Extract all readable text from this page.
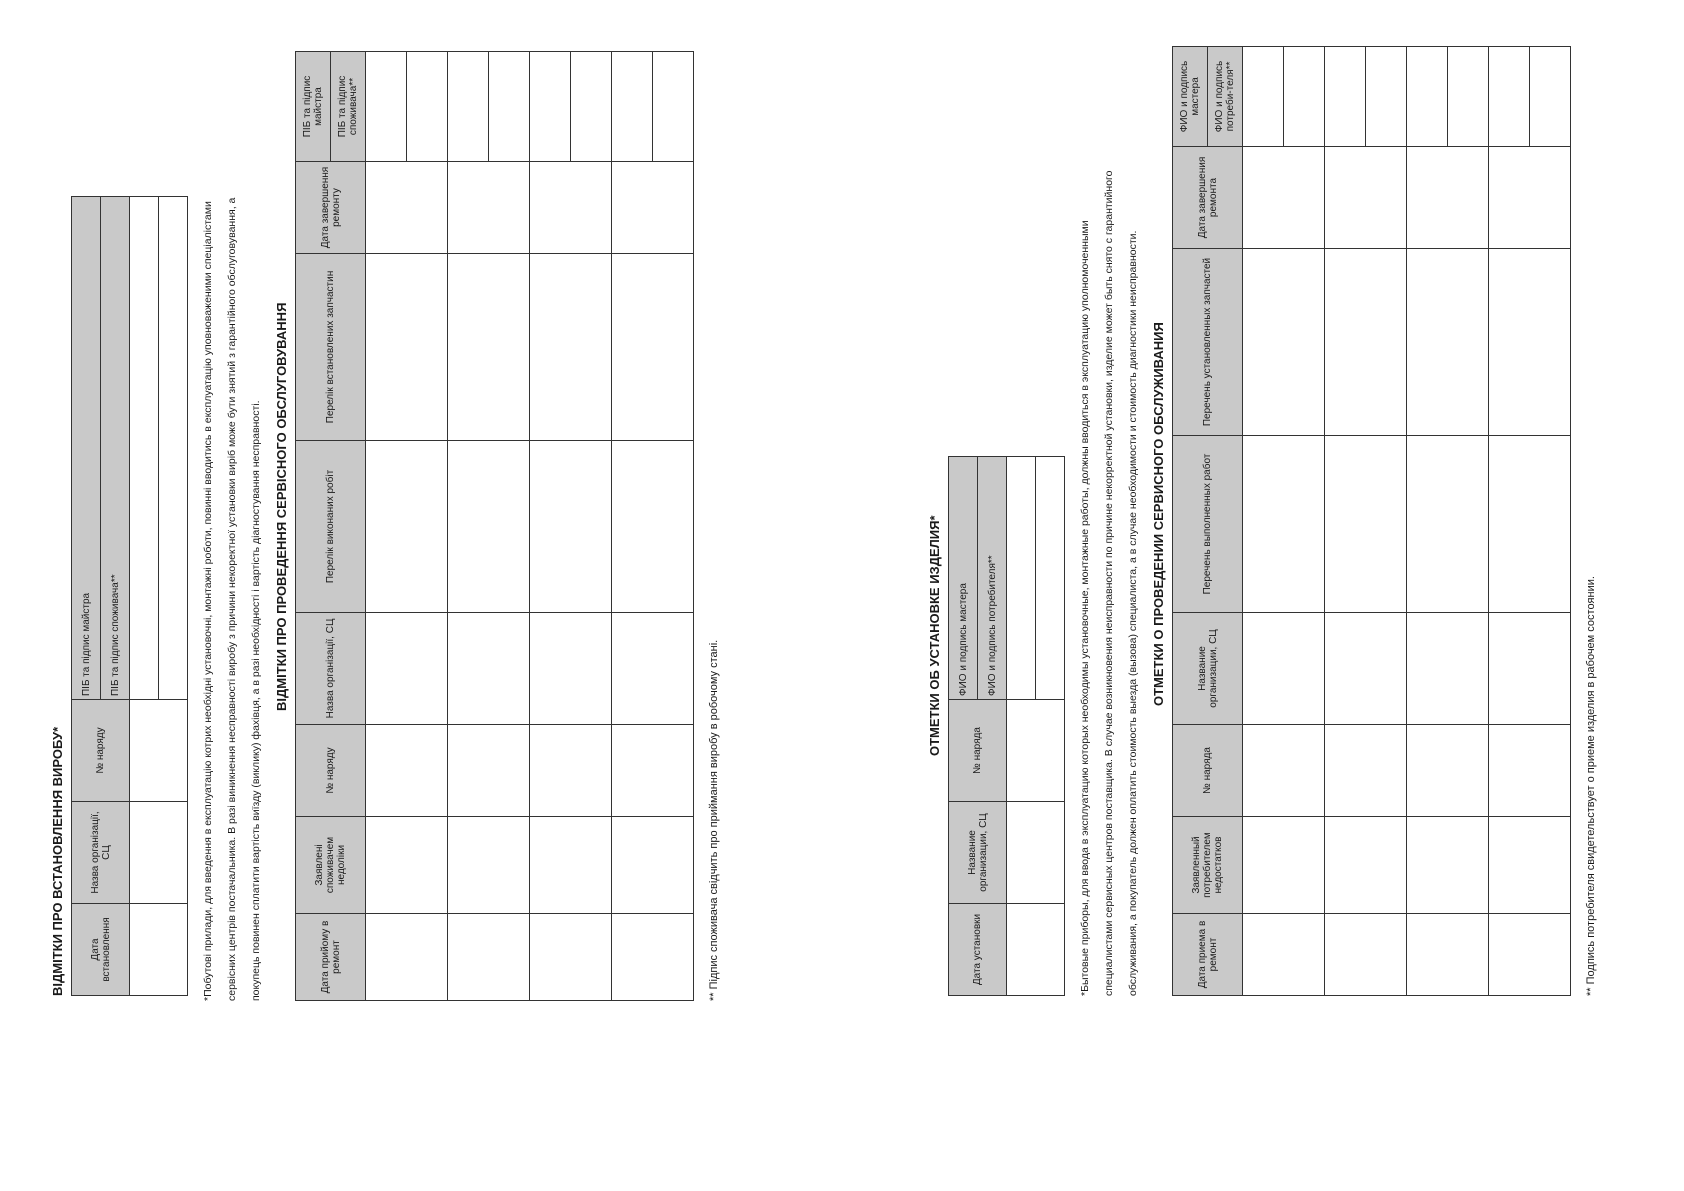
ВІДМІТКИ ПРО ВСТАНОВЛЕННЯ ВИРОБУ* Дата встановлення	Назва організації, СЦ	№ наряду	ПІБ та підпис майстра
			ПІБ та підпис споживача**
				*Побутові прилади, для введення в експлуатацію котрих необхідні установочні, монтажні роботи, повинні вводитись в експлуатацію уповноваженими спеціалістами сервісних центрів постачальника. В разі виникнення несправності виробу з причини некоректної установки виріб може бути знятий з гарантійного обслуговування, а покупець повинен сплатити вартість виїзду (виклику) фахівця, а в разі необхідності і вартість діагностування несправності. ВІДМІТКИ ПРО ПРОВЕДЕННЯ СЕРВІСНОГО ОБСЛУГОВУВАННЯ
Дата прийому в ремонт	Заявлені споживачем недоліки	№ наряду	Назва організації, СЦ	Перелік виконаних робіт	Перелік встановлених запчастин	Дата завершення ремонту	ПІБ та підпис майстра
							ПІБ та підпис споживача**

** Підпис споживача свідчить про приймання виробу в робочому стані.
ОТМЕТКИ ОБ УСТАНОВКЕ ИЗДЕЛИЯ*
Дата установки	Название организации, СЦ	№ наряда	ФИО и подпись мастера
			ФИО и подпись потребителя**
				*Бытовые приборы, для ввода в эксплуатацию которых необходимы установочные, монтажные работы, должны вводиться в эксплуатацию уполномоченными специалистами сервисных центров поставщика. В случае возникновения неисправности по причине некорректной установки, изделие может быть снято с гарантийного обслуживания, а покупатель должен оплатить стоимость выезда (вызова) специалиста, а в случае необходимости и стоимость диагностики неисправности. ОТМЕТКИ О ПРОВЕДЕНИИ СЕРВИСНОГО ОБСЛУЖИВАНИЯ
Дата приема в ремонт	Заявленный потребителем недостатков	№ наряда	Название организации, СЦ	Перечень выполненных работ	Перечень установленных запчастей	Дата завершения ремонта	ФИО и подпись мастера
							ФИО и подпись потреби-теля**

** Подпись потребителя свидетельствует о приеме изделия в рабочем состоянии.
